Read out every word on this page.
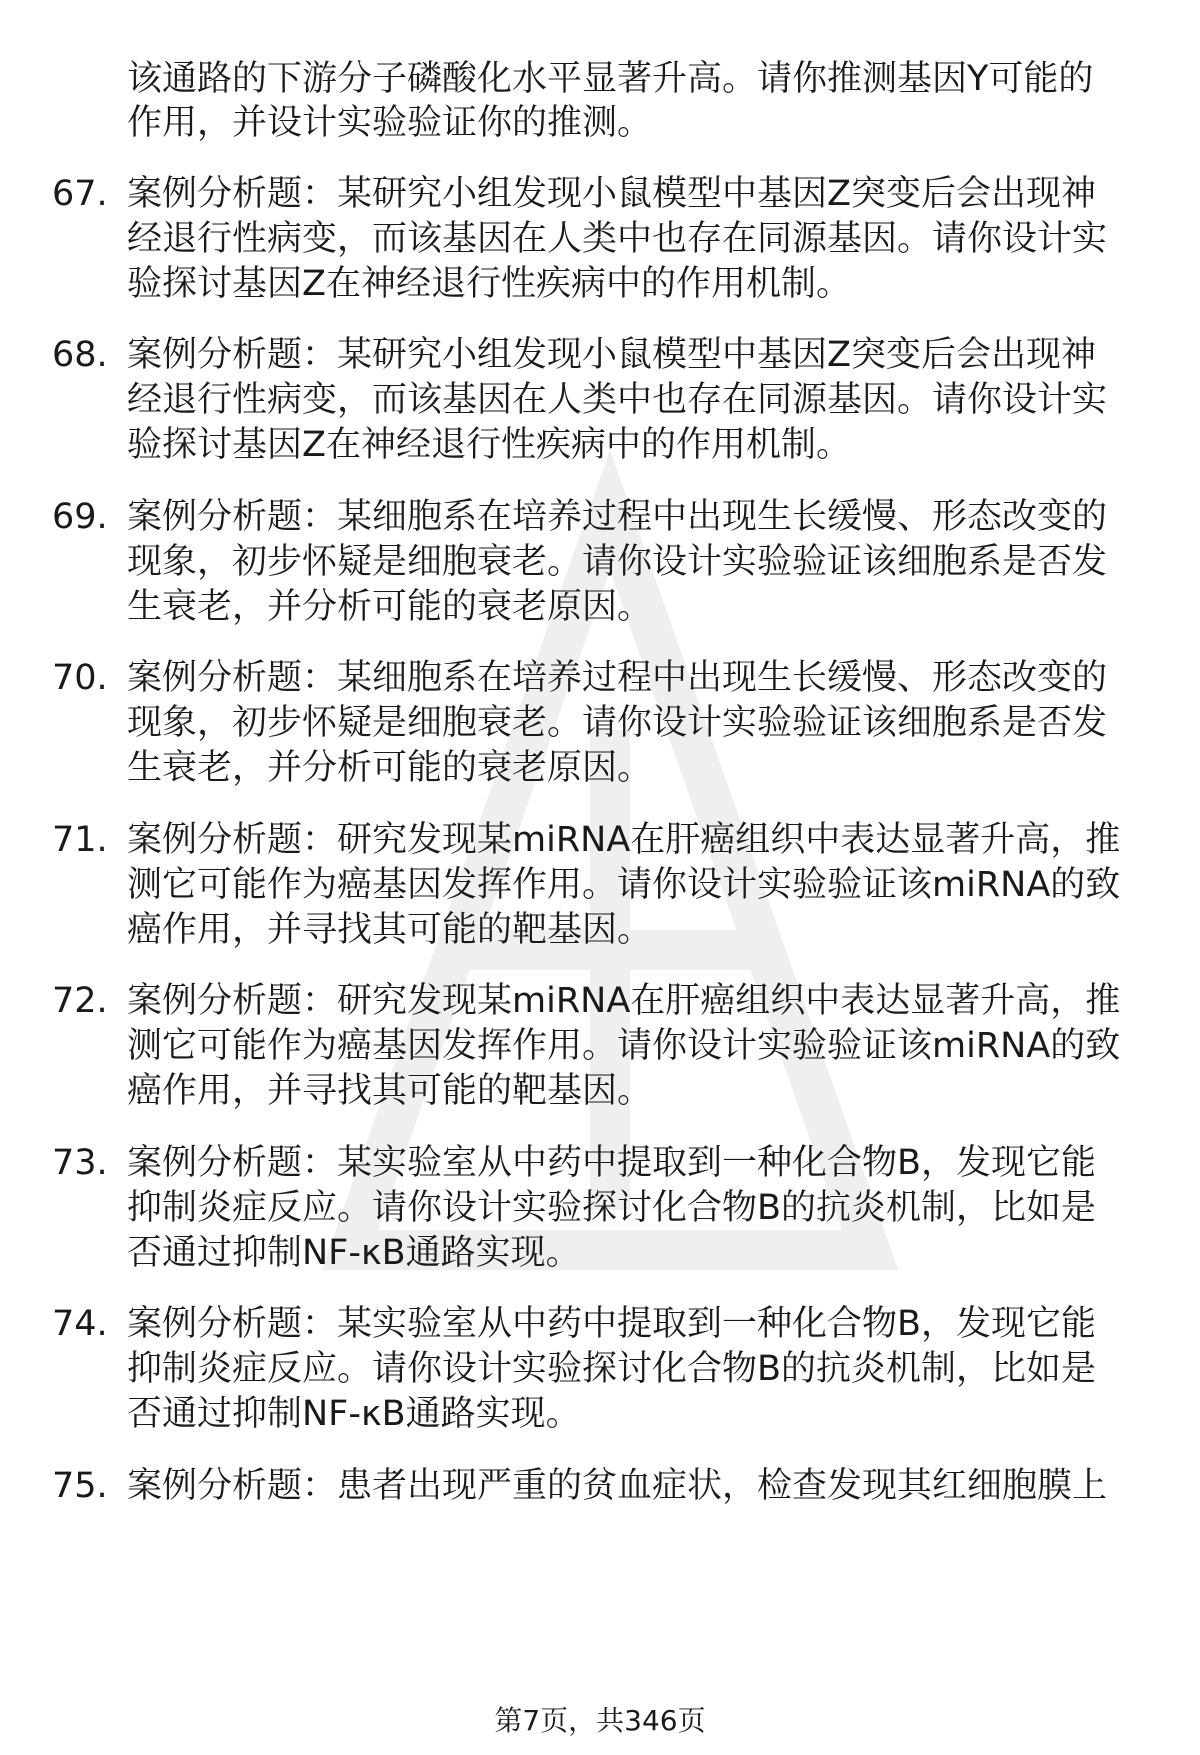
该通路的下游分子磷酸化水平显著升高。请你推测基因Y可能的
作用，并设计实验验证你的推测。
67. 案例分析题：某研究小组发现小鼠模型中基因Z突变后会出现神
经退行性病变，而该基因在人类中也存在同源基因。请你设计实
验探讨基因Z在神经退行性疾病中的作用机制。
68. 案例分析题：某研究小组发现小鼠模型中基因Z突变后会出现神
经退行性病变，而该基因在人类中也存在同源基因。请你设计实
验探讨基因Z在神经退行性疾病中的作用机制。
69. 案例分析题：某细胞系在培养过程中出现生长缓慢、形态改变的
现象，初步怀疑是细胞衰老。请你设计实验验证该细胞系是否发
生衰老，并分析可能的衰老原因。
70. 案例分析题：某细胞系在培养过程中出现生长缓慢、形态改变的
现象，初步怀疑是细胞衰老。请你设计实验验证该细胞系是否发
生衰老，并分析可能的衰老原因。
71. 案例分析题：研究发现某miRNA在肝癌组织中表达显著升高，推
测它可能作为癌基因发挥作用。请你设计实验验证该miRNA的致
癌作用，并寻找其可能的靶基因。
72. 案例分析题：研究发现某miRNA在肝癌组织中表达显著升高，推
测它可能作为癌基因发挥作用。请你设计实验验证该miRNA的致
癌作用，并寻找其可能的靶基因。
73. 案例分析题：某实验室从中药中提取到一种化合物B，发现它能
抑制炎症反应。请你设计实验探讨化合物B的抗炎机制，比如是
否通过抑制NF-κB通路实现。
74. 案例分析题：某实验室从中药中提取到一种化合物B，发现它能
抑制炎症反应。请你设计实验探讨化合物B的抗炎机制，比如是
否通过抑制NF-κB通路实现。
75. 案例分析题：患者出现严重的贫血症状，检查发现其红细胞膜上
第7页，共346页
